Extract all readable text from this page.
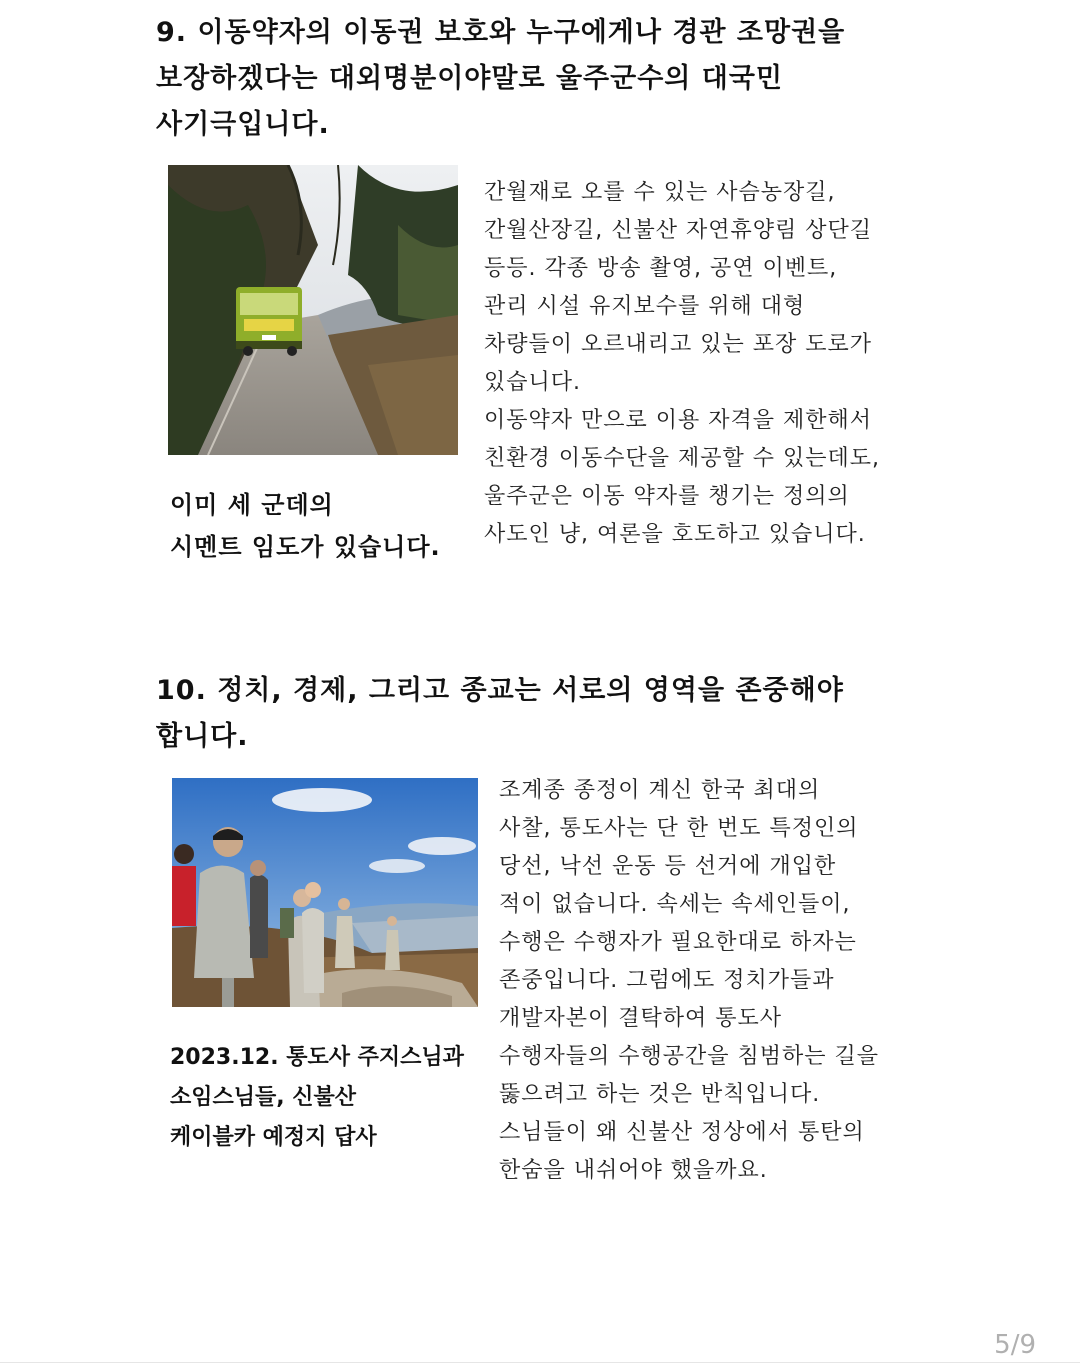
9. 이동약자의 이동권 보호와 누구에게나 경관 조망권을
보장하겠다는 대외명분이야말로 울주군수의 대국민
사기극입니다.
이미 세 군데의
시멘트 임도가 있습니다.
간월재로 오를 수 있는 사슴농장길,
간월산장길, 신불산 자연휴양림 상단길
등등. 각종 방송 촬영, 공연 이벤트,
관리 시설 유지보수를 위해 대형
차량들이 오르내리고 있는 포장 도로가
있습니다.
이동약자 만으로 이용 자격을 제한해서
친환경 이동수단을 제공할 수 있는데도,
울주군은 이동 약자를 챙기는 정의의
사도인 냥, 여론을 호도하고 있습니다.
10. 정치, 경제, 그리고 종교는 서로의 영역을 존중해야
합니다.
2023.12. 통도사 주지스님과
소임스님들, 신불산
케이블카 예정지 답사
조계종 종정이 계신 한국 최대의
사찰, 통도사는 단 한 번도 특정인의
당선, 낙선 운동 등 선거에 개입한
적이 없습니다. 속세는 속세인들이,
수행은 수행자가 필요한대로 하자는
존중입니다. 그럼에도 정치가들과
개발자본이 결탁하여 통도사
수행자들의 수행공간을 침범하는 길을
뚫으려고 하는 것은 반칙입니다.
스님들이 왜 신불산 정상에서 통탄의
한숨을 내쉬어야 했을까요.
5/9
